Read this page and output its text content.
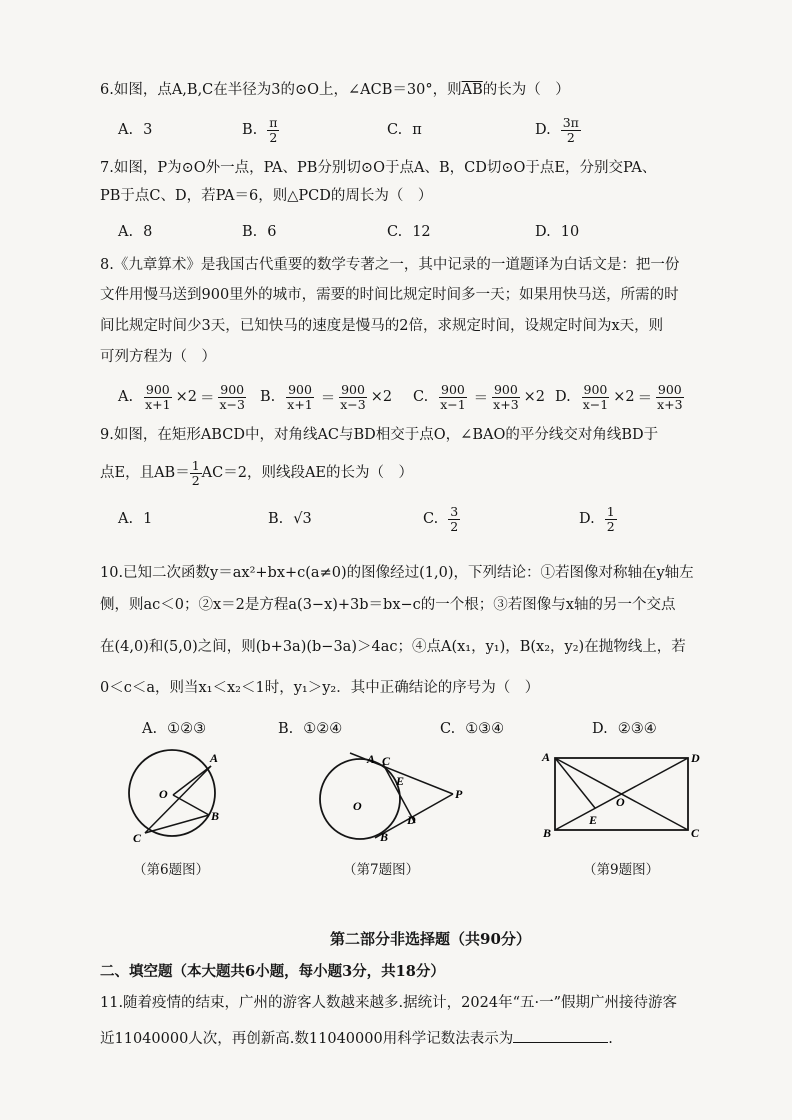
6.如图，点A,B,C在半径为3的⊙O上，∠ACB＝30°，则$\overline{AB}$的长为（　）
A. 3	B. $\frac{\pi}{2}$	C. π	D. $\frac{3\pi}{2}$
7.如图，P为⊙O外一点，PA、PB分别切⊙O于点A、B，CD切⊙O于点E，分别交PA、
PB于点C、D，若PA＝6，则△PCD的周长为（　）
A. 8	B. 6	C. 12	D. 10
8.《九章算术》是我国古代重要的数学专著之一，其中记录的一道题译为白话文是：把一份
文件用慢马送到900里外的城市，需要的时间比规定时间多一天；如果用快马送，所需的时
间比规定时间少3天，已知快马的速度是慢马的2倍，求规定时间，设规定时间为x天，则
可列方程为（　）
A. $\frac{900}{x+1} \times 2 = \frac{900}{x-3} B$. $\frac{900}{x+1} = \frac{900}{x-3} \times 2$ C. $\frac{900}{x-1} = \frac{900}{x+3} \times 2$ D. $\frac{900}{x-1} \times 2 = \frac{900}{x+3}$
9.如图，在矩形ABCD中，对角线AC与BD相交于点O，∠BAO的平分线交对角线BD于
点E，且$AB= \frac{1}{2} AC=2$，则线段AE的长为（　）
A. 1	B. √3	C. $\frac{3}{2}$	D. $\frac{1}{2}$
10.已知二次函数y＝ax²+bx+c(a≠0)的图像经过(1,0)，下列结论：①若图像对称轴在y轴左
侧，则ac＜0；②x＝2是方程a(3−x)+3b＝bx−c的一个根；③若图像与x轴的另一个交点
在(4,0)和(5,0)之间，则(b+3a)(b−3a)＞4ac；④点A(x₁，y₁)，B(x₂，y₂)在抛物线上，若
0＜c＜a，则当x₁＜x₂＜1时，y₁＞y₂．其中正确结论的序号为（　）
A. ①②③	B. ①②④	C. ①③④	D. ②③④
O
A
B
C
（第6题图）
O
A C
E
P
D
B
（第7题图）
A	D
O
E
B	C
（第9题图）
第二部分非选择题（共90分）
二、填空题（本大题共6小题，每小题3分，共18分）
11.随着疫情的结束，广州的游客人数越来越多.据统计，2024年“五·一”假期广州接待游客
近11040000人次，再创新高.数11040000用科学记数法表示为	.
